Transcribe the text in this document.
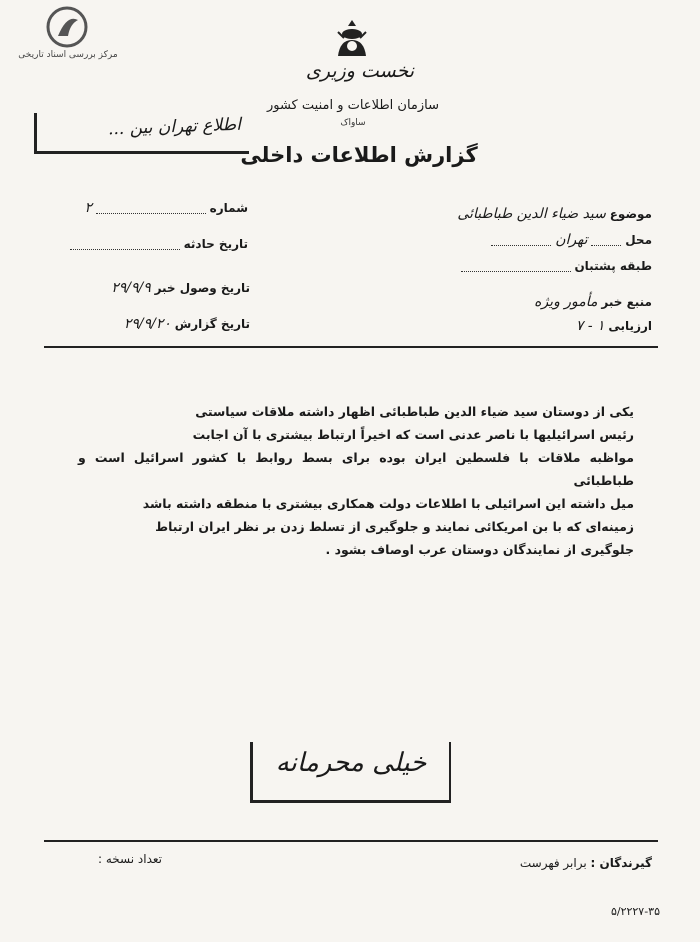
مرکز بررسی اسناد تاریخی
نخست وزیری
سازمان اطلاعات و امنیت کشور
ساواک
گزارش اطلاعات داخلی
اطلاع تهران بین ...
شماره  ۲
تاریخ حادثه
تاریخ وصول خبر ۲۹/۹/۹
تاریخ گزارش ۲۹/۹/۲۰
موضوع سید ضیاء الدین طباطبائی
محل  تهران
طبقه پشتبان
منبع خبر مأمور ویژه
ارزیابی ۱ - ۷

یکی از دوستان سید ضیاء الدین طباطبائی اظهار داشته ملاقات سیاستی

رئیس اسرائیلیها با ناصر عدنی است که اخیراً ارتباط بیشتری با آن اجابت

مواظبه ملاقات با فلسطین ایران بوده برای بسط روابط با کشور اسرائیل است و طباطبائی

میل داشته این اسرائیلی با اطلاعات دولت همکاری بیشتری با منطقه داشته باشد

زمینه‌ای که با بن امریکائی نمایند و جلوگیری از تسلط زدن بر نظر ایران ارتباط

جلوگیری از نمایندگان دوستان عرب اوصاف بشود .

خیلی محرمانه
تعداد نسخه :	گیرندگان : برابر فهرست
۵/۲۲۲۷-۳۵
